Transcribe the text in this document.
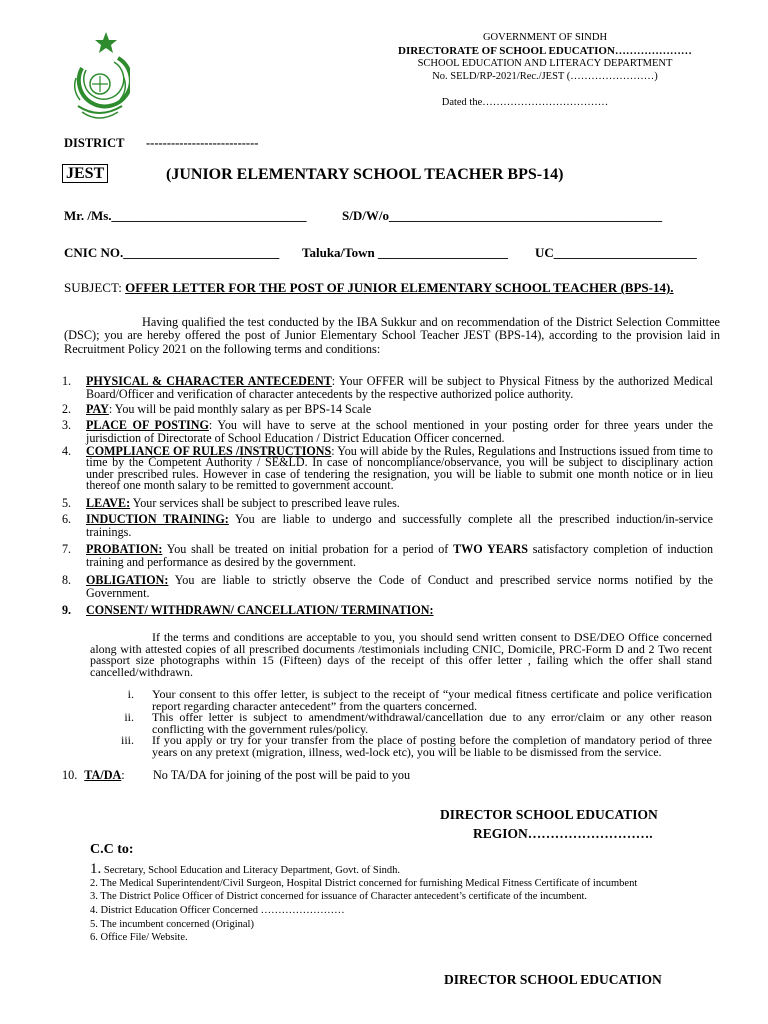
GOVERNMENT OF SINDH
DIRECTORATE OF SCHOOL EDUCATION…………………
SCHOOL EDUCATION AND LITERACY DEPARTMENT
No. SELD/RP-2021/Rec./JEST (……………………)
Dated the………………………………
DISTRICT ---------------------------
JEST	(JUNIOR ELEMENTARY SCHOOL TEACHER BPS-14)
Mr. /Ms.______________________________	S/D/W/o__________________________________________
CNIC NO.________________________ Taluka/Town ____________________ UC______________________
SUBJECT: OFFER LETTER FOR THE POST OF JUNIOR ELEMENTARY SCHOOL TEACHER (BPS-14).
Having qualified the test conducted by the IBA Sukkur and on recommendation of the District Selection Committee (DSC); you are hereby offered the post of Junior Elementary School Teacher JEST (BPS-14), according to the provision laid in Recruitment Policy 2021 on the following terms and conditions:
1. PHYSICAL & CHARACTER ANTECEDENT: Your OFFER will be subject to Physical Fitness by the authorized Medical Board/Officer and verification of character antecedents by the respective authorized police authority.
2. PAY: You will be paid monthly salary as per BPS-14 Scale
3. PLACE OF POSTING: You will have to serve at the school mentioned in your posting order for three years under the jurisdiction of Directorate of School Education / District Education Officer concerned.
4. COMPLIANCE OF RULES /INSTRUCTIONS: You will abide by the Rules, Regulations and Instructions issued from time to time by the Competent Authority / SE&LD. In case of noncompliance/observance, you will be subject to disciplinary action under prescribed rules. However in case of tendering the resignation, you will be liable to submit one month notice or in lieu thereof one month salary to be remitted to government account.
5. LEAVE: Your services shall be subject to prescribed leave rules.
6. INDUCTION TRAINING: You are liable to undergo and successfully complete all the prescribed induction/in-service trainings.
7. PROBATION: You shall be treated on initial probation for a period of TWO YEARS satisfactory completion of induction training and performance as desired by the government.
8. OBLIGATION: You are liable to strictly observe the Code of Conduct and prescribed service norms notified by the Government.
9. CONSENT/ WITHDRAWN/ CANCELLATION/ TERMINATION:
If the terms and conditions are acceptable to you, you should send written consent to DSE/DEO Office concerned along with attested copies of all prescribed documents /testimonials including CNIC, Domicile, PRC-Form D and 2 Two recent passport size photographs within 15 (Fifteen) days of the receipt of this offer letter , failing which the offer shall stand cancelled/withdrawn.
i. Your consent to this offer letter, is subject to the receipt of “your medical fitness certificate and police verification report regarding character antecedent” from the quarters concerned.
ii. This offer letter is subject to amendment/withdrawal/cancellation due to any error/claim or any other reason conflicting with the government rules/policy.
iii. If you apply or try for your transfer from the place of posting before the completion of mandatory period of three years on any pretext (migration, illness, wed-lock etc), you will be liable to be dismissed from the service.
10. TA/DA: No TA/DA for joining of the post will be paid to you
DIRECTOR SCHOOL EDUCATION
REGION……………………….
C.C to:
1. Secretary, School Education and Literacy Department, Govt. of Sindh.
2. The Medical Superintendent/Civil Surgeon, Hospital District concerned for furnishing Medical Fitness Certificate of incumbent
3. The District Police Officer of District concerned for issuance of Character antecedent’s certificate of the incumbent.
4. District Education Officer Concerned ……………………
5. The incumbent concerned (Original)
6. Office File/ Website.
DIRECTOR SCHOOL EDUCATION
